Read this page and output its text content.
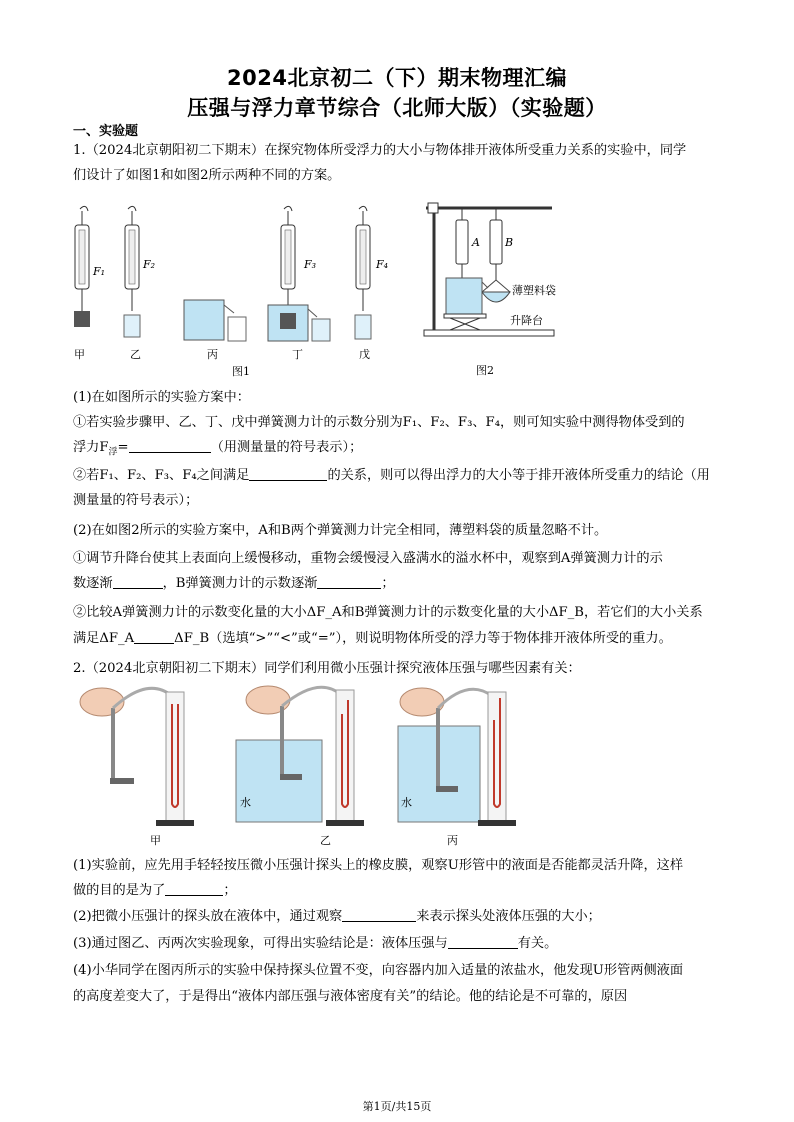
2024北京初二（下）期末物理汇编
压强与浮力章节综合（北师大版）（实验题）
一、实验题
1.（2024北京朝阳初二下期末）在探究物体所受浮力的大小与物体排开液体所受重力关系的实验中，同学
们设计了如图1和如图2所示两种不同的方案。
F₁
F₂	F₃	F₄
甲	乙	丙	丁	戊
图1
A B
薄塑料袋
升降台
图2
(1)在如图所示的实验方案中：
①若实验步骤甲、乙、丁、戊中弹簧测力计的示数分别为F₁、F₂、F₃、F₄，则可知实验中测得物体受到的
浮力$F_浮=$	（用测量量的符号表示）；
②若F₁、F₂、F₃、F₄之间满足	的关系，则可以得出浮力的大小等于排开液体所受重力的结论（用
测量量的符号表示）；
(2)在如图2所示的实验方案中，A和B两个弹簧测力计完全相同，薄塑料袋的质量忽略不计。
①调节升降台使其上表面向上缓慢移动，重物会缓慢浸入盛满水的溢水杯中，观察到A弹簧测力计的示
数逐渐	，B弹簧测力计的示数逐渐	；
②比较A弹簧测力计的示数变化量的大小ΔF_A和B弹簧测力计的示数变化量的大小ΔF_B，若它们的大小关系
满足ΔF_A	ΔF_B（选填“>”“<”或“=”），则说明物体所受的浮力等于物体排开液体所受的重力。
2.（2024北京朝阳初二下期末）同学们利用微小压强计探究液体压强与哪些因素有关：
水	水
甲	乙	丙
(1)实验前，应先用手轻轻按压微小压强计探头上的橡皮膜，观察U形管中的液面是否能都灵活升降，这样
做的目的是为了	；
(2)把微小压强计的探头放在液体中，通过观察	来表示探头处液体压强的大小；
(3)通过图乙、丙两次实验现象，可得出实验结论是：液体压强与	有关。
(4)小华同学在图丙所示的实验中保持探头位置不变，向容器内加入适量的浓盐水，他发现U形管两侧液面
的高度差变大了，于是得出“液体内部压强与液体密度有关”的结论。他的结论是不可靠的，原因
第1页/共15页
